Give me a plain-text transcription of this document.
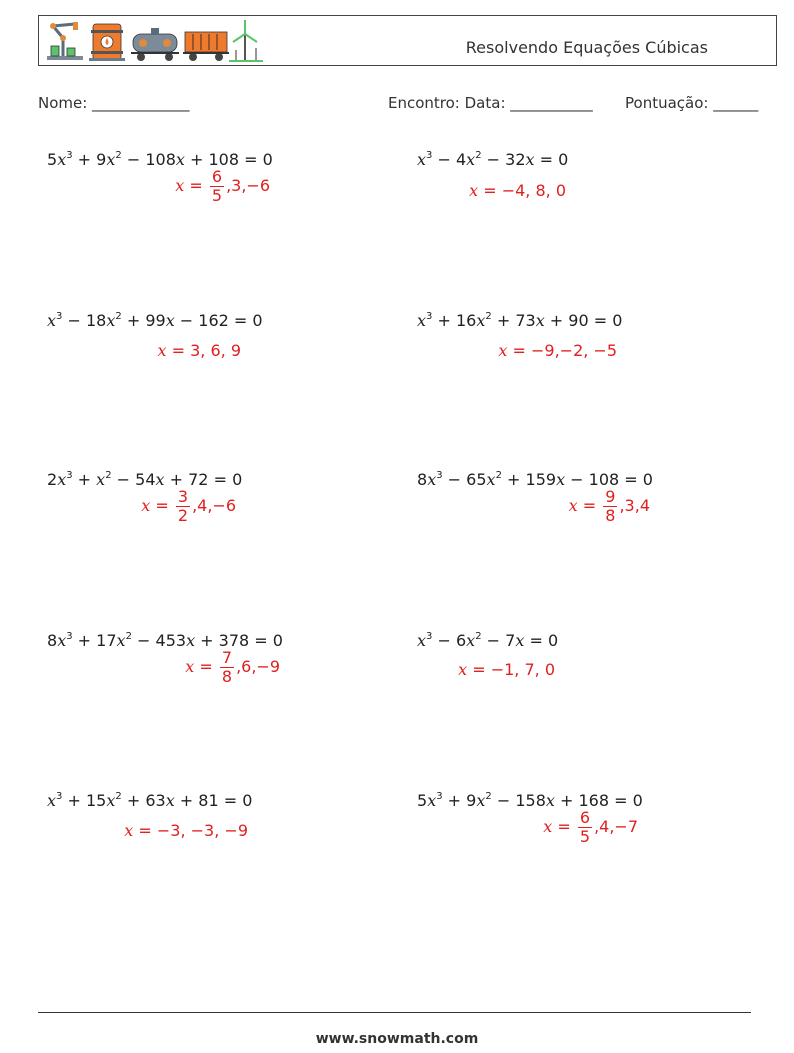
Resolvendo Equações Cúbicas
Nome: _____________	Encontro: Data: ___________ Pontuação: ______
$5x^3 + 9x^2 - 108x + 108 = 0$
$x = \frac{6}{5} ,3,-6$
$x^3 - 4x^2 - 32x = 0$
x = −4, 8, 0
$x^3 - 18x^2 + 99x - 162 = 0$
x = 3, 6, 9
$x^3 + 16x^2 + 73x + 90 = 0$
x = −9,−2, −5
$2x^3 + x^2 - 54x + 72 = 0$
$x = \frac{3}{2} ,4,-6$
$8x^3 - 65x^2 + 159x - 108 = 0$
$x = \frac{9}{8} ,3,4$
$8x^3 + 17x^2 - 453x + 378 = 0$
$x = \frac{7}{8} ,6,-9$
$x^3 - 6x^2 - 7x = 0$
x = −1, 7, 0
$x^3 + 15x^2 + 63x + 81 = 0$
x = −3, −3, −9
$5x^3 + 9x^2 - 158x + 168 = 0$
$x = \frac{6}{5} ,4,-7$
www.snowmath.com
